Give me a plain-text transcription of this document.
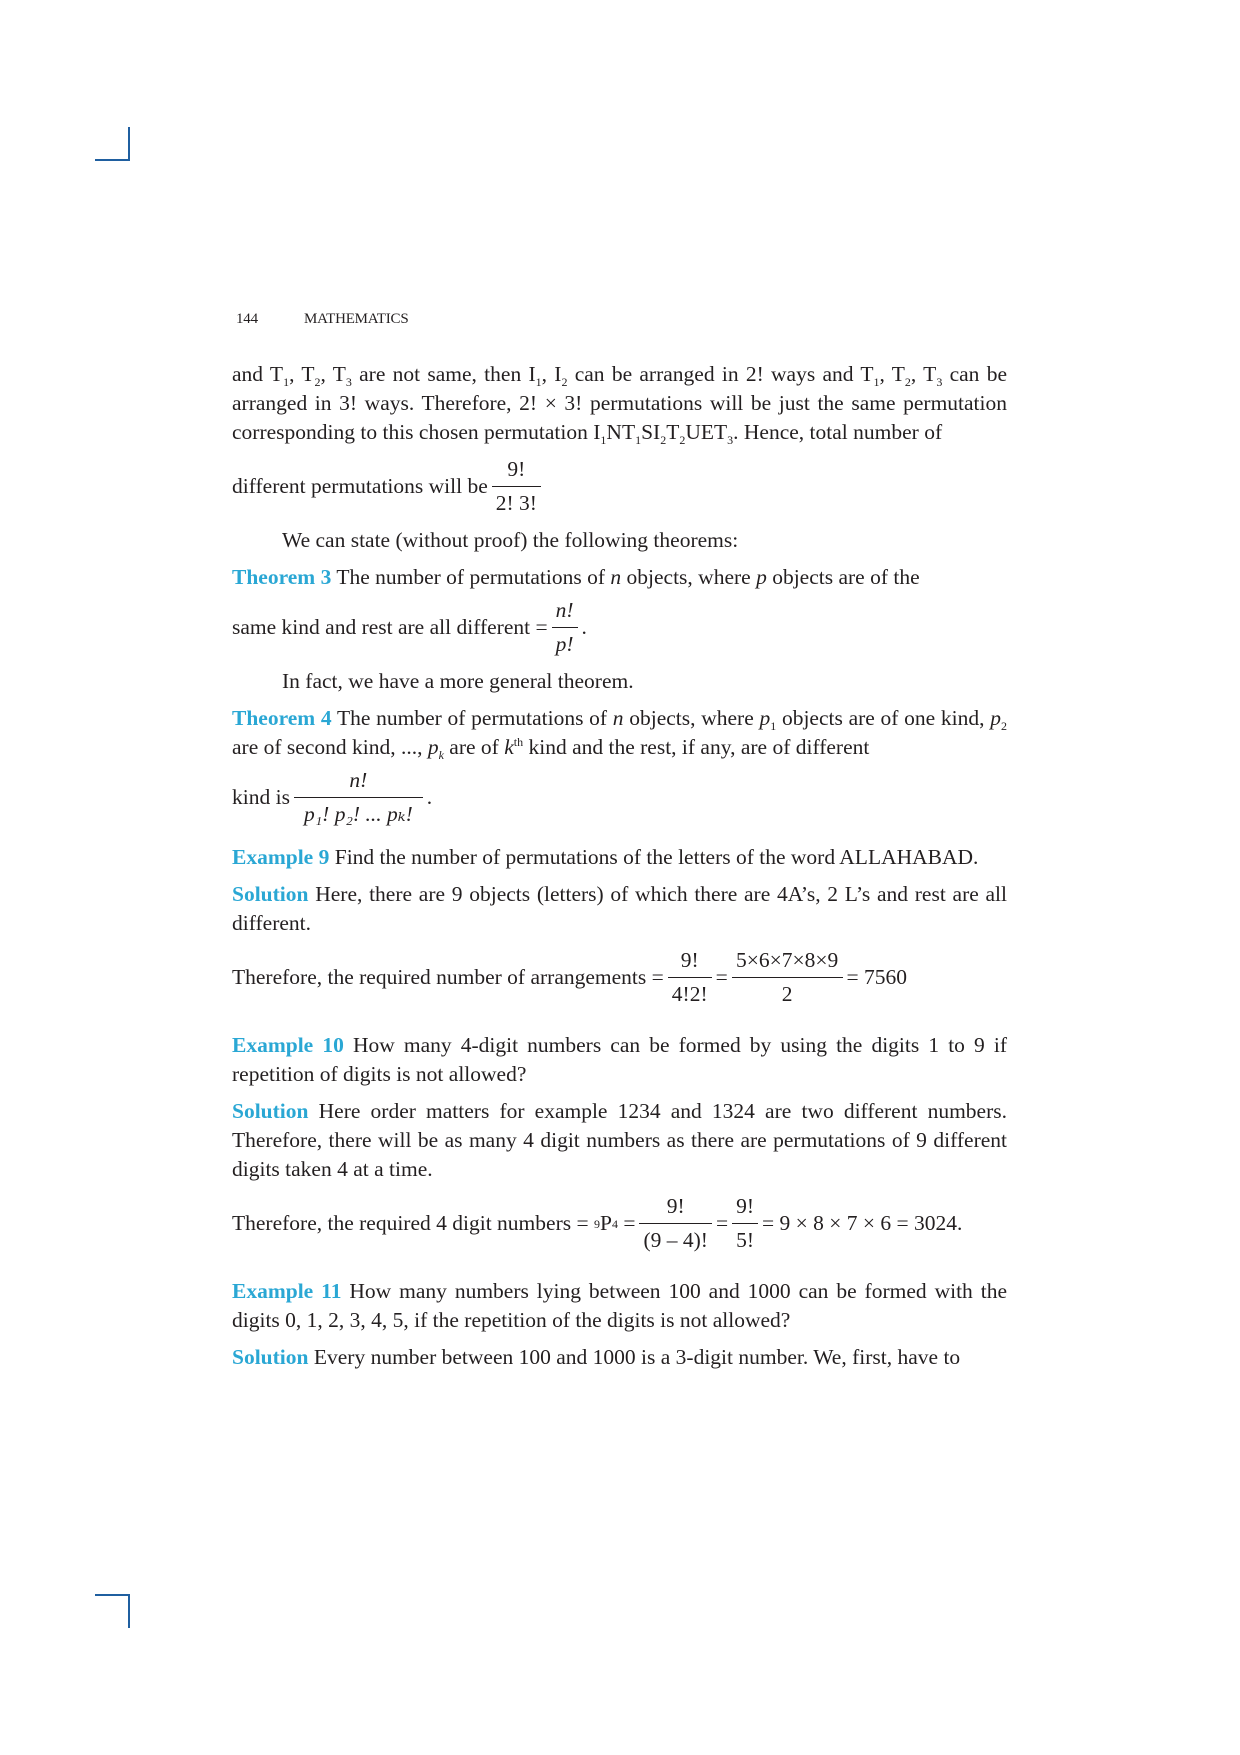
144	MATHEMATICS

and $T_1$, $T_2$, $T_3$ are not same, then $I_1$, $I_2$ can be arranged in 2! ways and $T_1$, $T_2$, $T_3$ can be arranged in 3! ways. Therefore, 2! × 3! permutations will be just the same permutation corresponding to this chosen permutation $I_1NT_1SI_2T_2UET_3$. Hence, total number of

different permutations will be $\frac{9!}{2! 3!}$

We can state (without proof) the following theorems:

Theorem 3 The number of permutations of n objects, where p objects are of the

same kind and rest are all different = $\frac{n!}{p!}$ .

In fact, we have a more general theorem.

Theorem 4 The number of permutations of n objects, where $p_1$ objects are of one kind, $p_2$ are of second kind, ..., $p_k$ are of $k^{th}$ kind and the rest, if any, are of different

kind is $\frac{n!}{\text{p₁! p₂! ... pₖ!}}$ .

Example 9 Find the number of permutations of the letters of the word ALLAHABAD.

Solution Here, there are 9 objects (letters) of which there are 4A’s, 2 L’s and rest are all different.

Therefore, the required number of arrangements = $\frac{9!}{4!2!} = \frac{5\times 6\times 7\times 8\times 9}{2} = 7560$

Example 10 How many 4-digit numbers can be formed by using the digits 1 to 9 if repetition of digits is not allowed?

Solution Here order matters for example 1234 and 1324 are two different numbers. Therefore, there will be as many 4 digit numbers as there are permutations of 9 different digits taken 4 at a time.

Therefore, the required 4 digit numbers =
9 P 4
= $\frac{9!}{(9 - 4)!} = \frac{9!}{5!} = 9 \times 8 \times 7 \times 6 = 3024$.

Example 11 How many numbers lying between 100 and 1000 can be formed with the digits 0, 1, 2, 3, 4, 5, if the repetition of the digits is not allowed?

Solution Every number between 100 and 1000 is a 3-digit number. We, first, have to
